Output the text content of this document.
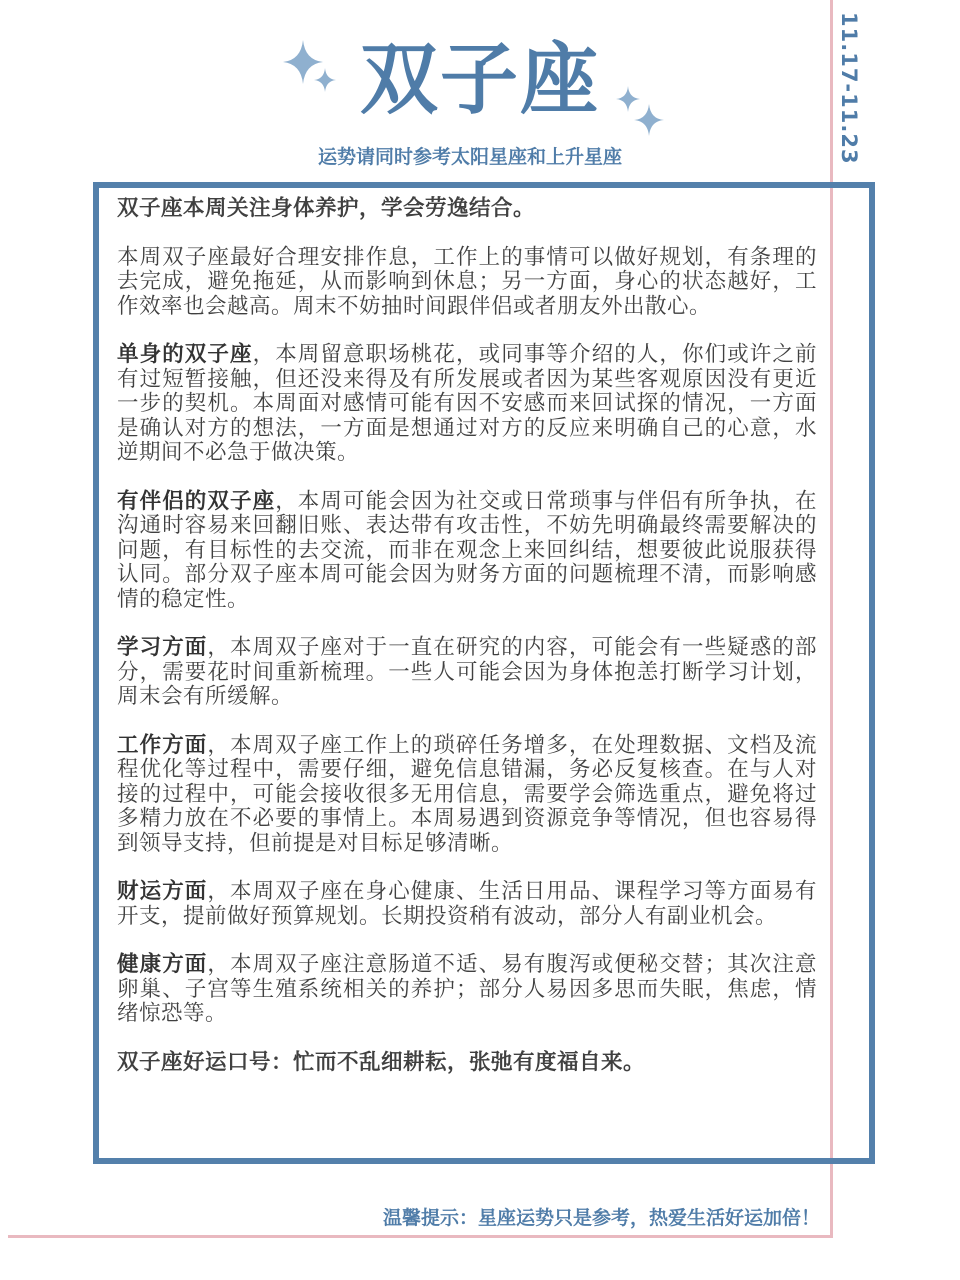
双子座
运势请同时参考太阳星座和上升星座	11.17-11.23

双子座本周关注身体养护，学会劳逸结合。

本周双子座最好合理安排作息，工作上的事情可以做好规划，有条理的去完成，避免拖延，从而影响到休息；另一方面，身心的状态越好，工作效率也会越高。周末不妨抽时间跟伴侣或者朋友外出散心。

单身的双子座，本周留意职场桃花，或同事等介绍的人，你们或许之前有过短暂接触，但还没来得及有所发展或者因为某些客观原因没有更近一步的契机。本周面对感情可能有因不安感而来回试探的情况，一方面是确认对方的想法，一方面是想通过对方的反应来明确自己的心意，水逆期间不必急于做决策。

有伴侣的双子座，本周可能会因为社交或日常琐事与伴侣有所争执，在沟通时容易来回翻旧账、表达带有攻击性，不妨先明确最终需要解决的问题，有目标性的去交流，而非在观念上来回纠结，想要彼此说服获得认同。部分双子座本周可能会因为财务方面的问题梳理不清，而影响感情的稳定性。

学习方面，本周双子座对于一直在研究的内容，可能会有一些疑惑的部分，需要花时间重新梳理。一些人可能会因为身体抱恙打断学习计划，周末会有所缓解。

工作方面，本周双子座工作上的琐碎任务增多，在处理数据、文档及流程优化等过程中，需要仔细，避免信息错漏，务必反复核查。在与人对接的过程中，可能会接收很多无用信息，需要学会筛选重点，避免将过多精力放在不必要的事情上。本周易遇到资源竞争等情况，但也容易得到领导支持，但前提是对目标足够清晰。

财运方面，本周双子座在身心健康、生活日用品、课程学习等方面易有开支，提前做好预算规划。长期投资稍有波动，部分人有副业机会。

健康方面，本周双子座注意肠道不适、易有腹泻或便秘交替；其次注意卵巢、子宫等生殖系统相关的养护；部分人易因多思而失眠，焦虑，情绪惊恐等。

双子座好运口号：忙而不乱细耕耘，张弛有度福自来。

温馨提示：星座运势只是参考，热爱生活好运加倍！
